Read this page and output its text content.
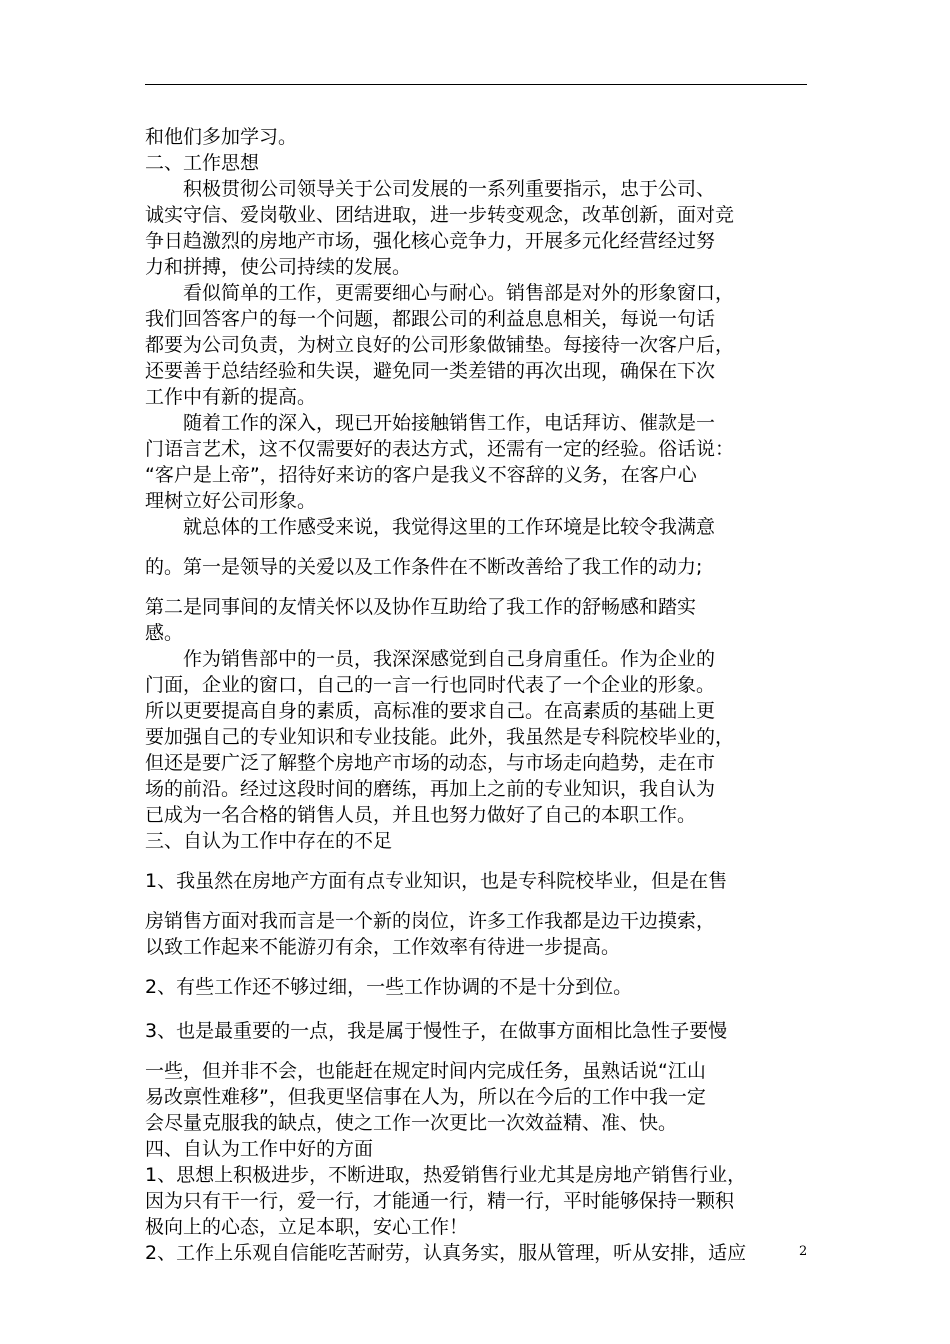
和他们多加学习。

二、工作思想

积极贯彻公司领导关于公司发展的一系列重要指示，忠于公司、

诚实守信、爱岗敬业、团结进取，进一步转变观念，改革创新，面对竞

争日趋激烈的房地产市场，强化核心竞争力，开展多元化经营经过努

力和拼搏，使公司持续的发展。

看似简单的工作，更需要细心与耐心。销售部是对外的形象窗口，

我们回答客户的每一个问题，都跟公司的利益息息相关，每说一句话

都要为公司负责，为树立良好的公司形象做铺垫。每接待一次客户后，

还要善于总结经验和失误，避免同一类差错的再次出现，确保在下次

工作中有新的提高。

随着工作的深入，现已开始接触销售工作，电话拜访、催款是一

门语言艺术，这不仅需要好的表达方式，还需有一定的经验。俗话说：

“客户是上帝”，招待好来访的客户是我义不容辞的义务，在客户心

理树立好公司形象。

就总体的工作感受来说，我觉得这里的工作环境是比较令我满意

的。第一是领导的关爱以及工作条件在不断改善给了我工作的动力;

第二是同事间的友情关怀以及协作互助给了我工作的舒畅感和踏实

感。

作为销售部中的一员，我深深感觉到自己身肩重任。作为企业的

门面，企业的窗口，自己的一言一行也同时代表了一个企业的形象。

所以更要提高自身的素质，高标准的要求自己。在高素质的基础上更

要加强自己的专业知识和专业技能。此外，我虽然是专科院校毕业的，

但还是要广泛了解整个房地产市场的动态，与市场走向趋势，走在市

场的前沿。经过这段时间的磨练，再加上之前的专业知识，我自认为

已成为一名合格的销售人员，并且也努力做好了自己的本职工作。

三、自认为工作中存在的不足

1、我虽然在房地产方面有点专业知识，也是专科院校毕业，但是在售

房销售方面对我而言是一个新的岗位，许多工作我都是边干边摸索，

以致工作起来不能游刃有余，工作效率有待进一步提高。

2、有些工作还不够过细，一些工作协调的不是十分到位。

3、也是最重要的一点，我是属于慢性子，在做事方面相比急性子要慢

一些，但并非不会，也能赶在规定时间内完成任务，虽熟话说“江山

易改禀性难移”，但我更坚信事在人为，所以在今后的工作中我一定

会尽量克服我的缺点，使之工作一次更比一次效益精、准、快。

四、自认为工作中好的方面

1、思想上积极进步，不断进取，热爱销售行业尤其是房地产销售行业，

因为只有干一行，爱一行，才能通一行，精一行，平时能够保持一颗积

极向上的心态，立足本职，安心工作！

2、工作上乐观自信能吃苦耐劳，认真务实，服从管理，听从安排，适应	2
